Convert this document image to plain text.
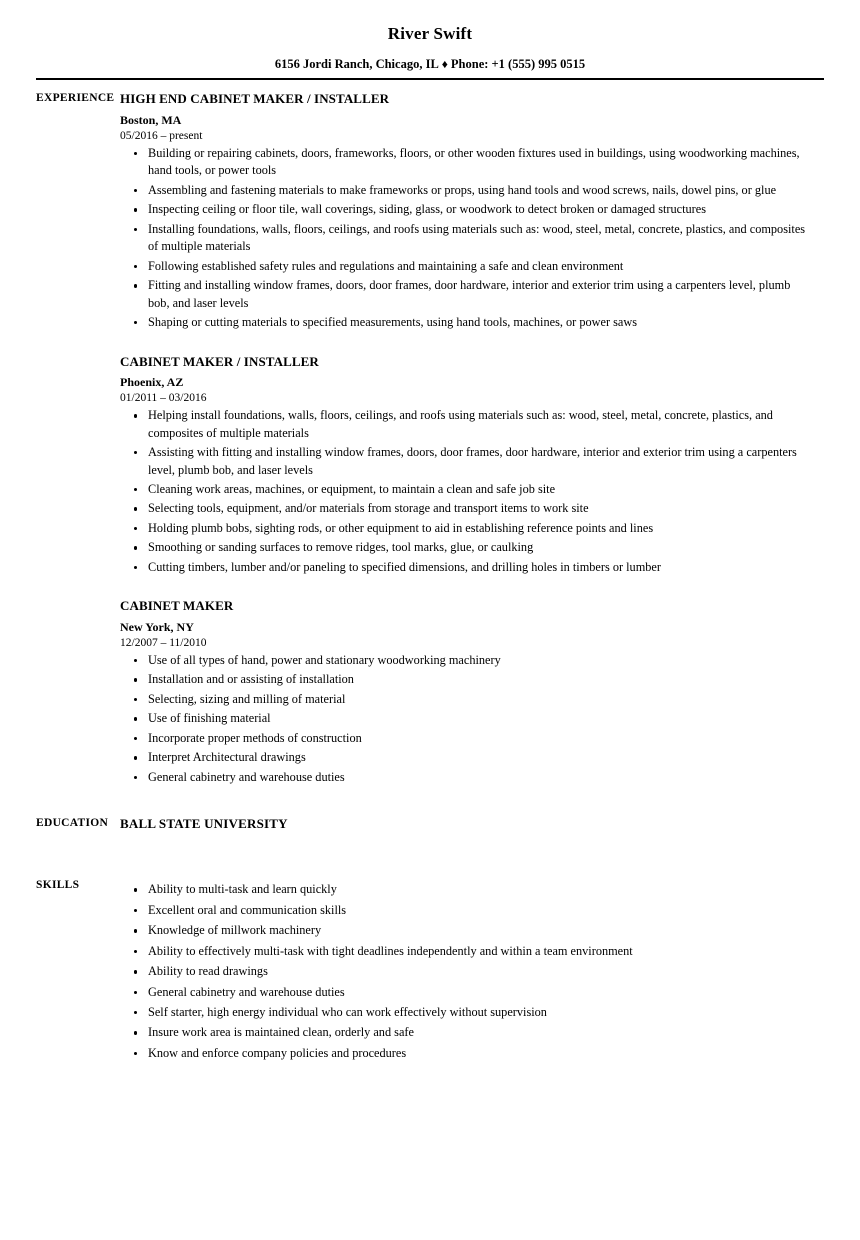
River Swift
6156 Jordi Ranch, Chicago, IL ♦ Phone: +1 (555) 995 0515
EXPERIENCE HIGH END CABINET MAKER / INSTALLER
Boston, MA
05/2016 – present
Building or repairing cabinets, doors, frameworks, floors, or other wooden fixtures used in buildings, using woodworking machines, hand tools, or power tools
Assembling and fastening materials to make frameworks or props, using hand tools and wood screws, nails, dowel pins, or glue
Inspecting ceiling or floor tile, wall coverings, siding, glass, or woodwork to detect broken or damaged structures
Installing foundations, walls, floors, ceilings, and roofs using materials such as: wood, steel, metal, concrete, plastics, and composites of multiple materials
Following established safety rules and regulations and maintaining a safe and clean environment
Fitting and installing window frames, doors, door frames, door hardware, interior and exterior trim using a carpenters level, plumb bob, and laser levels
Shaping or cutting materials to specified measurements, using hand tools, machines, or power saws
CABINET MAKER / INSTALLER
Phoenix, AZ
01/2011 – 03/2016
Helping install foundations, walls, floors, ceilings, and roofs using materials such as: wood, steel, metal, concrete, plastics, and composites of multiple materials
Assisting with fitting and installing window frames, doors, door frames, door hardware, interior and exterior trim using a carpenters level, plumb bob, and laser levels
Cleaning work areas, machines, or equipment, to maintain a clean and safe job site
Selecting tools, equipment, and/or materials from storage and transport items to work site
Holding plumb bobs, sighting rods, or other equipment to aid in establishing reference points and lines
Smoothing or sanding surfaces to remove ridges, tool marks, glue, or caulking
Cutting timbers, lumber and/or paneling to specified dimensions, and drilling holes in timbers or lumber
CABINET MAKER
New York, NY
12/2007 – 11/2010
Use of all types of hand, power and stationary woodworking machinery
Installation and or assisting of installation
Selecting, sizing and milling of material
Use of finishing material
Incorporate proper methods of construction
Interpret Architectural drawings
General cabinetry and warehouse duties
EDUCATION BALL STATE UNIVERSITY
SKILLS	Ability to multi-task and learn quickly
Excellent oral and communication skills
Knowledge of millwork machinery
Ability to effectively multi-task with tight deadlines independently and within a team environment
Ability to read drawings
General cabinetry and warehouse duties
Self starter, high energy individual who can work effectively without supervision
Insure work area is maintained clean, orderly and safe
Know and enforce company policies and procedures
